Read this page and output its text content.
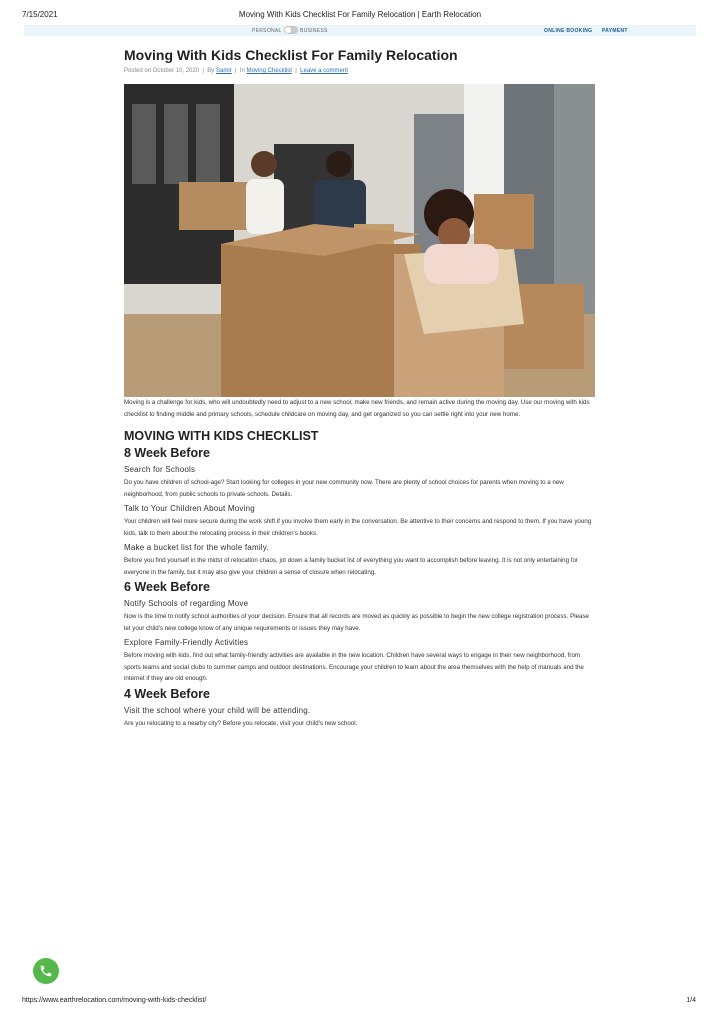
7/15/2021	Moving With Kids Checklist For Family Relocation | Earth Relocation
PERSONAL	BUSINESS	ONLINE BOOKING PAYMENT
Moving With Kids Checklist For Family Relocation
Posted on October 10, 2020  |  By Samir  |  In Moving Checklist  |  Leave a comment

Moving is a challenge for kids, who will undoubtedly need to adjust to a new school, make new friends, and remain active during the moving day. Use our moving with kids checklist to finding middle and primary schools, schedule childcare on moving day, and get organized so you can settle right into your new home.

MOVING WITH KIDS CHECKLIST
8 Week Before
Search for Schools

Do you have children of school-age? Start looking for colleges in your new community now. There are plenty of school choices for parents when moving to a new neighborhood, from public schools to private schools. Details.

Talk to Your Children About Moving

Your children will feel more secure during the work shift if you involve them early in the conversation. Be attentive to their concerns and respond to them. If you have young kids, talk to them about the relocating process in their children's books.

Make a bucket list for the whole family.

Before you find yourself in the midst of relocation chaos, jot down a family bucket list of everything you want to accomplish before leaving. It is not only entertaining for everyone in the family, but it may also give your children a sense of closure when relocating.

6 Week Before
Notify Schools of regarding Move

Now is the time to notify school authorities of your decision. Ensure that all records are moved as quickly as possible to begin the new college registration process. Please let your child's new college know of any unique requirements or issues they may have.

Explore Family-Friendly Activities

Before moving with kids, find out what family-friendly activities are available in the new location. Children have several ways to engage in their new neighborhood, from sports teams and social clubs to summer camps and outdoor destinations. Encourage your children to learn about the area themselves with the help of manuals and the internet if they are old enough.

4 Week Before
Visit the school where your child will be attending.

Are you relocating to a nearby city? Before you relocate, visit your child's new school.

https://www.earthrelocation.com/moving-with-kids-checklist/	1/4
